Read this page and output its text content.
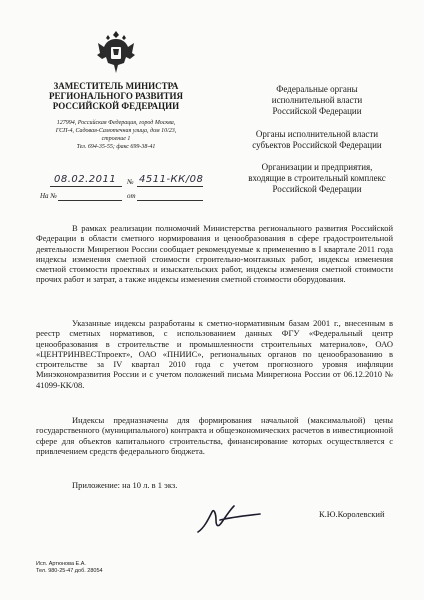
ЗАМЕСТИТЕЛЬ МИНИСТРА
РЕГИОНАЛЬНОГО РАЗВИТИЯ
РОССИЙСКОЙ ФЕДЕРАЦИИ
127994, Российская Федерация, город Москва,
ГСП-4, Садовая-Самотечная улица, дом 10/23,
строение 1
Тел. 694-35-55; факс 699-38-41
Федеральные органы
исполнительной власти
Российской Федерации
Органы исполнительной власти
субъектов Российской Федерации
Организации и предприятия,
входящие в строительный комплекс
Российской Федерации
08.02.2011 № 4511-КК/08
На №	от

В рамках реализации полномочий Министерства регионального развития Российской Федерации в области сметного нормирования и ценообразования в сфере градостроительной деятельности Минрегион России сообщает рекомендуемые к применению в I квартале 2011 года индексы изменения сметной стоимости строительно-монтажных работ, индексы изменения сметной стоимости проектных и изыскательских работ, индексы изменения сметной стоимости прочих работ и затрат, а также индексы изменения сметной стоимости оборудования.

Указанные индексы разработаны к сметно-нормативным базам 2001 г., внесенным в реестр сметных нормативов, с использованием данных ФГУ «Федеральный центр ценообразования в строительстве и промышленности строительных материалов», ОАО «ЦЕНТРИНВЕСТпроект», ОАО «ПНИИС», региональных органов по ценообразованию в строительстве за IV квартал 2010 года с учетом прогнозного уровня инфляции Минэкономразвития России и с учетом положений письма Минрегиона России от 06.12.2010 № 41099-КК/08.

Индексы предназначены для формирования начальной (максимальной) цены государственного (муниципального) контракта и общеэкономических расчетов в инвестиционной сфере для объектов капитального строительства, финансирование которых осуществляется с привлечением средств федерального бюджета.

Приложение: на 10 л. в 1 экз.
К.Ю.Королевский
Исп. Артюнова Е.А.
Тел. 980-25-47 доб. 28054
